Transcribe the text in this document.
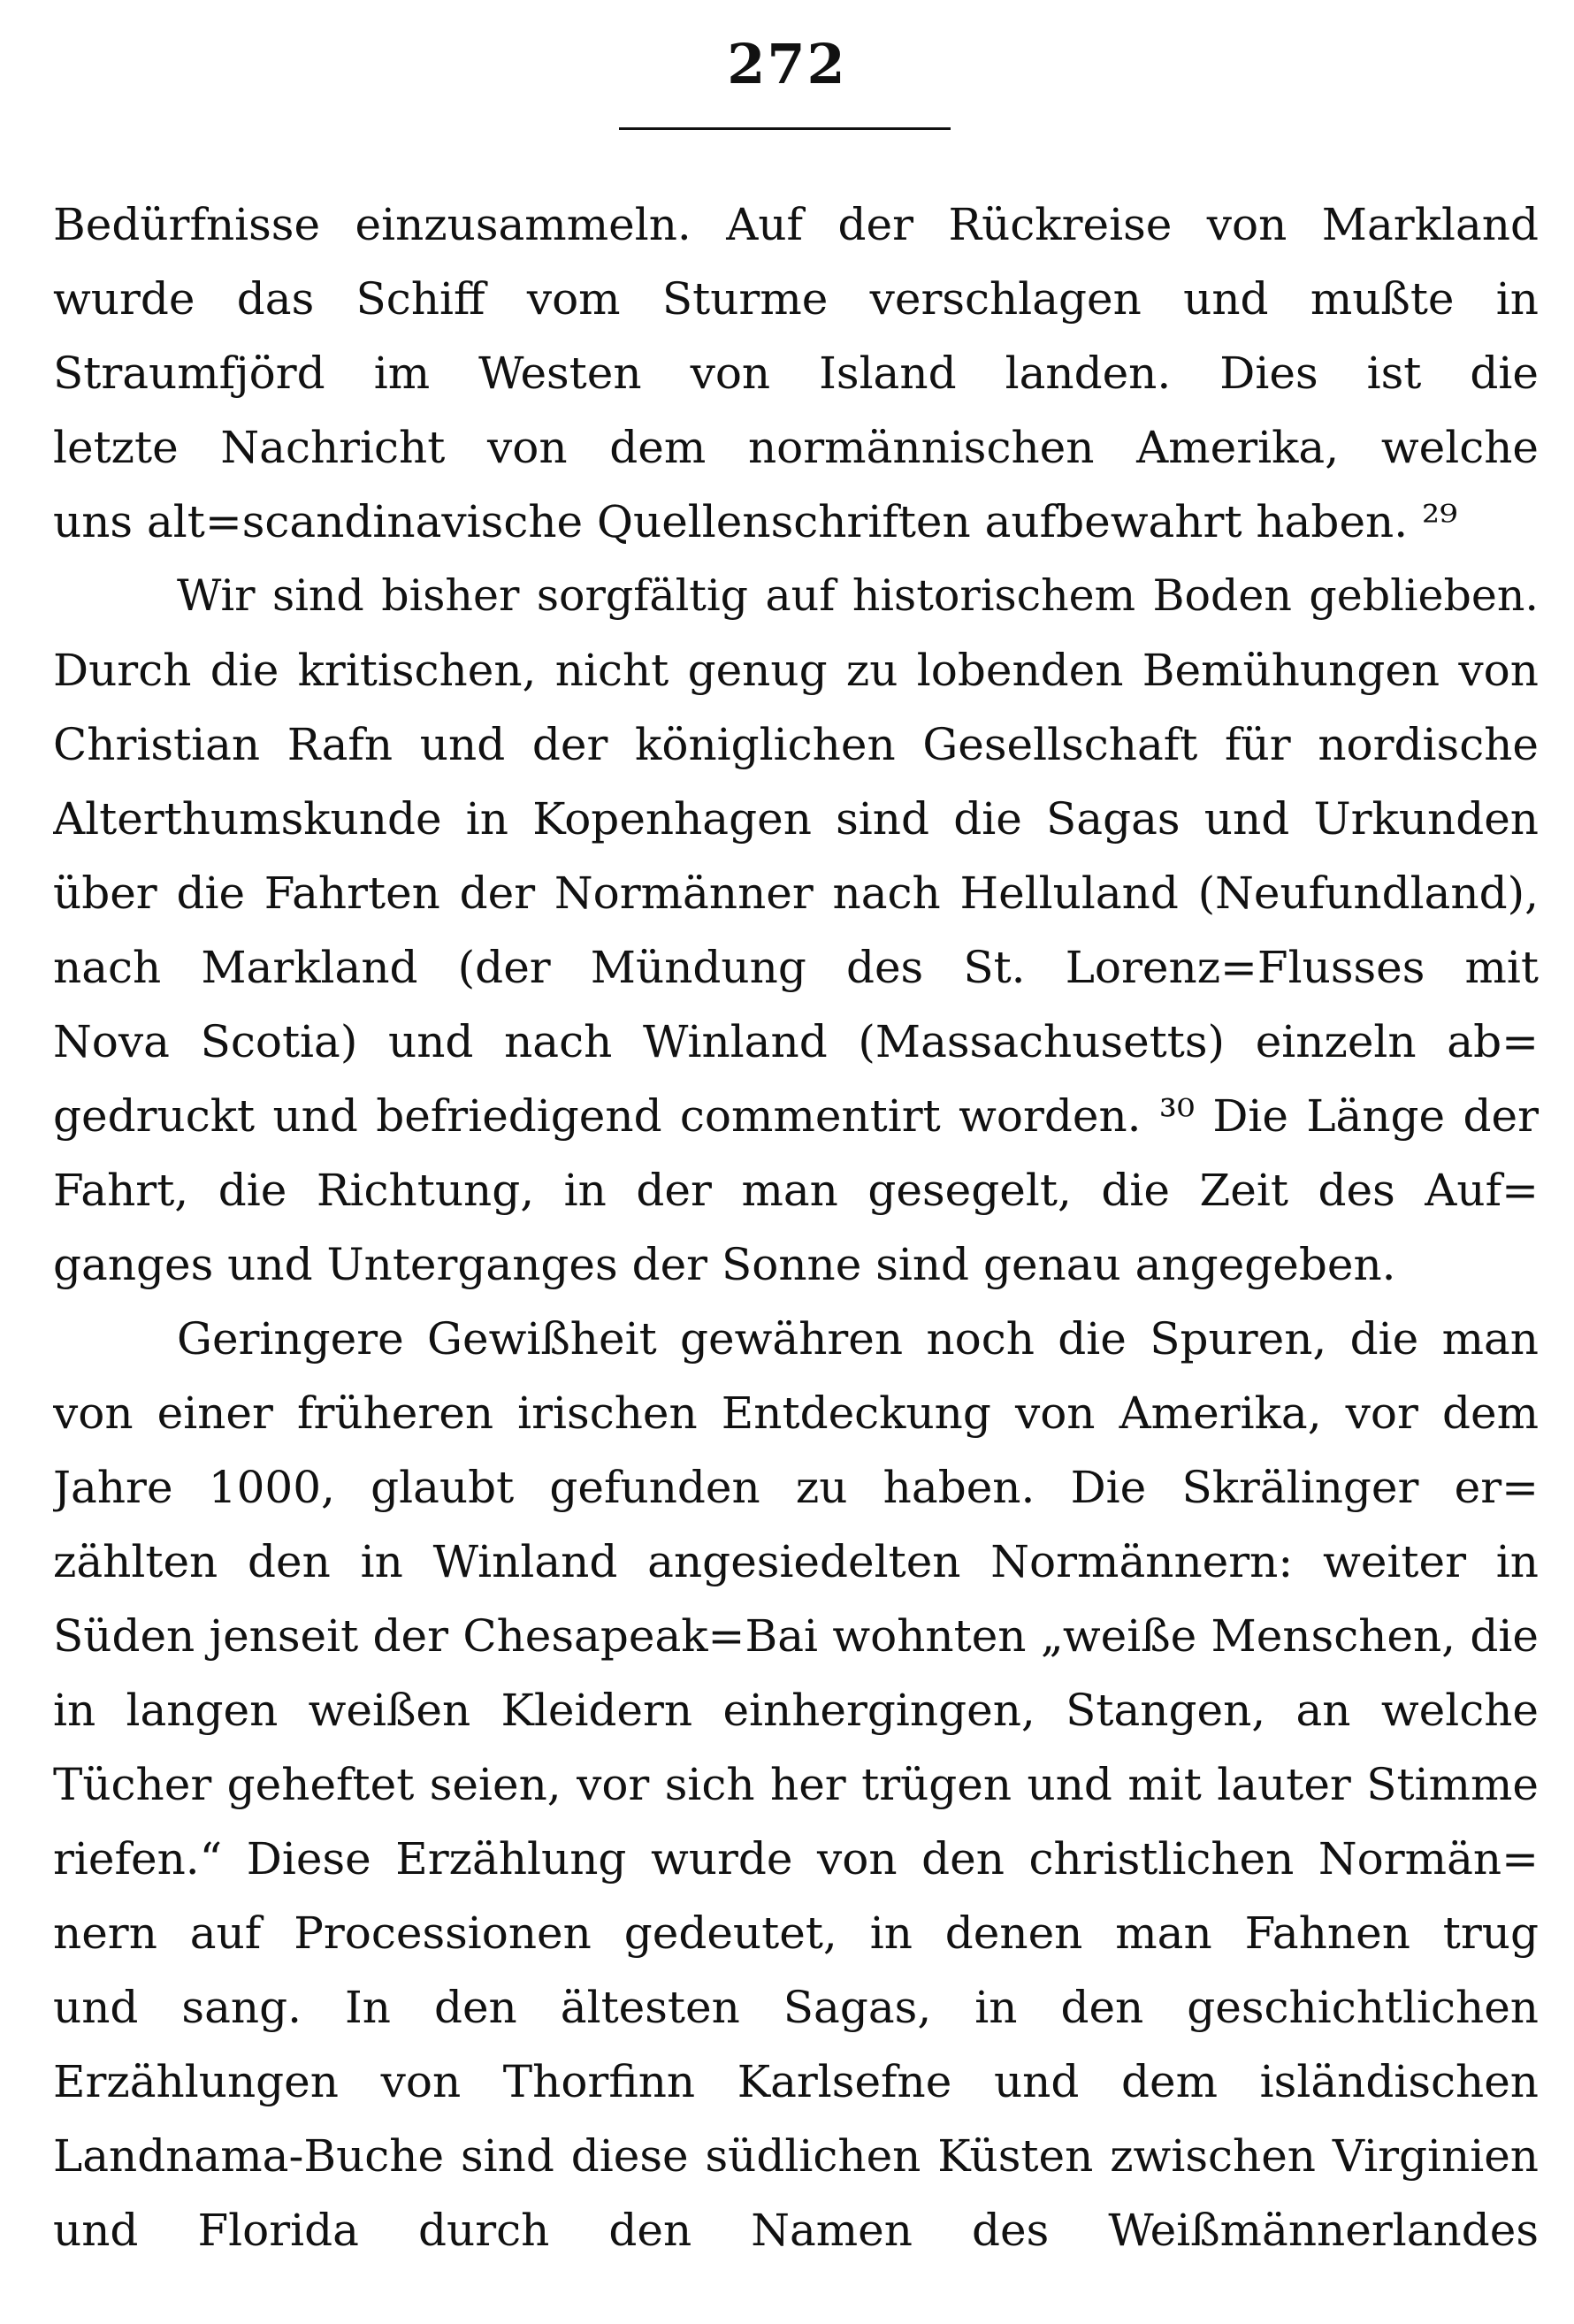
272
Bedürfnisse einzusammeln. Auf der Rückreise von Markland
wurde das Schiff vom Sturme verschlagen und mußte in
Straumfjörd im Westen von Island landen. Dies ist die
letzte Nachricht von dem normännischen Amerika, welche
uns alt=scandinavische Quellenschriften aufbewahrt haben. ²⁹
Wir sind bisher sorgfältig auf historischem Boden geblieben.
Durch die kritischen, nicht genug zu lobenden Bemühungen von
Christian Rafn und der königlichen Gesellschaft für nordische
Alterthumskunde in Kopenhagen sind die Sagas und Urkunden
über die Fahrten der Normänner nach Helluland (Neufundland),
nach Markland (der Mündung des St. Lorenz=Flusses mit
Nova Scotia) und nach Winland (Massachusetts) einzeln ab=
gedruckt und befriedigend commentirt worden. ³⁰ Die Länge der
Fahrt, die Richtung, in der man gesegelt, die Zeit des Auf=
ganges und Unterganges der Sonne sind genau angegeben.
Geringere Gewißheit gewähren noch die Spuren, die man
von einer früheren irischen Entdeckung von Amerika, vor dem
Jahre 1000, glaubt gefunden zu haben. Die Skrälinger er=
zählten den in Winland angesiedelten Normännern: weiter in
Süden jenseit der Chesapeak=Bai wohnten „weiße Menschen, die
in langen weißen Kleidern einhergingen, Stangen, an welche
Tücher geheftet seien, vor sich her trügen und mit lauter Stimme
riefen.“ Diese Erzählung wurde von den christlichen Normän=
nern auf Processionen gedeutet, in denen man Fahnen trug
und sang. In den ältesten Sagas, in den geschichtlichen
Erzählungen von Thorfinn Karlsefne und dem isländischen
Landnama-Buche sind diese südlichen Küsten zwischen Virginien
und Florida durch den Namen des Weißmännerlandes
